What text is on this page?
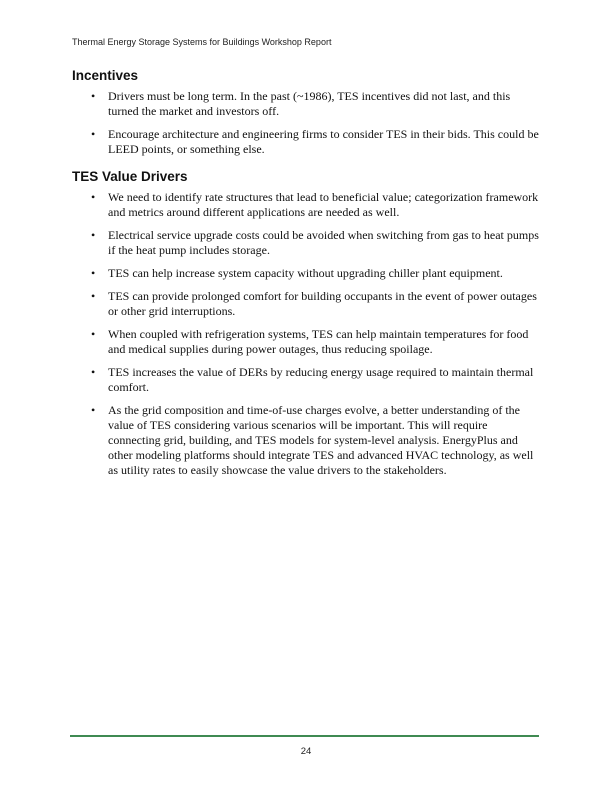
Thermal Energy Storage Systems for Buildings Workshop Report
Incentives
• Drivers must be long term. In the past (~1986), TES incentives did not last, and this turned the market and investors off.
• Encourage architecture and engineering firms to consider TES in their bids. This could be LEED points, or something else.
TES Value Drivers
• We need to identify rate structures that lead to beneficial value; categorization framework and metrics around different applications are needed as well.
• Electrical service upgrade costs could be avoided when switching from gas to heat pumps if the heat pump includes storage.
• TES can help increase system capacity without upgrading chiller plant equipment.
• TES can provide prolonged comfort for building occupants in the event of power outages or other grid interruptions.
• When coupled with refrigeration systems, TES can help maintain temperatures for food and medical supplies during power outages, thus reducing spoilage.
• TES increases the value of DERs by reducing energy usage required to maintain thermal comfort.
• As the grid composition and time-of-use charges evolve, a better understanding of the value of TES considering various scenarios will be important. This will require connecting grid, building, and TES models for system-level analysis. EnergyPlus and other modeling platforms should integrate TES and advanced HVAC technology, as well as utility rates to easily showcase the value drivers to the stakeholders.
24
